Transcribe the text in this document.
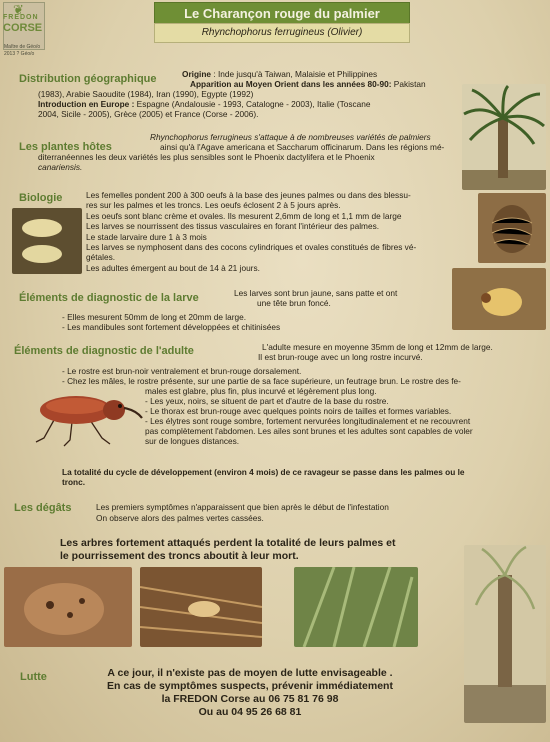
❦
FREDON
CORSE
Maître de Géo/o
2013 ? Géo/o
Le Charançon rouge du palmier
Rhynchophorus ferrugineus (Olivier)
Distribution géographique	Origine : Inde jusqu'à Taiwan, Malaisie et Philippines
Apparition au Moyen Orient dans les années 80-90: Pakistan
(1983), Arabie Saoudite (1984), Iran (1990), Egypte (1992)
Introduction en Europe : Espagne (Andalousie - 1993, Catalogne - 2003), Italie (Toscane
2004, Sicile - 2005), Grèce (2005) et France (Corse - 2006).
Les plantes hôtes
Rhynchophorus ferrugineus s'attaque à de nombreuses variétés de palmiers
ainsi qu'à l'Agave americana et Saccharum officinarum. Dans les régions mé-
diterranéennes les deux variétés les plus sensibles sont le Phoenix dactylifera et le Phoenix
canariensis.
Biologie	Les femelles pondent 200 à 300 oeufs à la base des jeunes palmes ou dans des blessu-
res sur les palmes et les troncs. Les oeufs éclosent 2 à 5 jours après.
Les oeufs sont blanc crème et ovales. Ils mesurent 2,6mm de long et 1,1 mm de large
Les larves se nourrissent des tissus vasculaires en forant l'intérieur des palmes.
Le stade larvaire dure 1 à 3 mois
Les larves se nymphosent dans des cocons cylindriques et ovales constitués de fibres vé-
gétales.
Les adultes émergent au bout de 14 à 21 jours.
Éléments de diagnostic de la larve	Les larves sont brun jaune, sans patte et ont
une tête brun foncé.
- Elles mesurent 50mm de long et 20mm de large.
- Les mandibules sont fortement développées et chitinisées
Éléments de diagnostic de l'adulte	L'adulte mesure en moyenne 35mm de long et 12mm de large.
Il est brun-rouge avec un long rostre incurvé.
- Le rostre est brun-noir ventralement et brun-rouge dorsalement.
- Chez les mâles, le rostre présente, sur une partie de sa face supérieure, un feutrage brun. Le rostre des fe-
males est glabre, plus fin, plus incurvé et légèrement plus long.
- Les yeux, noirs, se situent de part et d'autre de la base du rostre.
- Le thorax est brun-rouge avec quelques points noirs de tailles et formes variables.
- Les élytres sont rouge sombre, fortement nervurées longitudinalement et ne recouvrent
pas complètement l'abdomen. Les ailes sont brunes et les adultes sont capables de voler
sur de longues distances.
La totalité du cycle de développement (environ 4 mois) de ce ravageur se passe dans les palmes ou le
tronc.
Les dégâts	Les premiers symptômes n'apparaissent que bien après le début de l'infestation
On observe alors des palmes vertes cassées.
Les arbres fortement attaqués perdent la totalité de leurs palmes et
le pourrissement des troncs aboutit à leur mort.
Lutte	A ce jour, il n'existe pas de moyen de lutte envisageable .
En cas de symptômes suspects, prévenir immédiatement
la FREDON Corse au 06 75 81 76 98
Ou au 04 95 26 68 81
